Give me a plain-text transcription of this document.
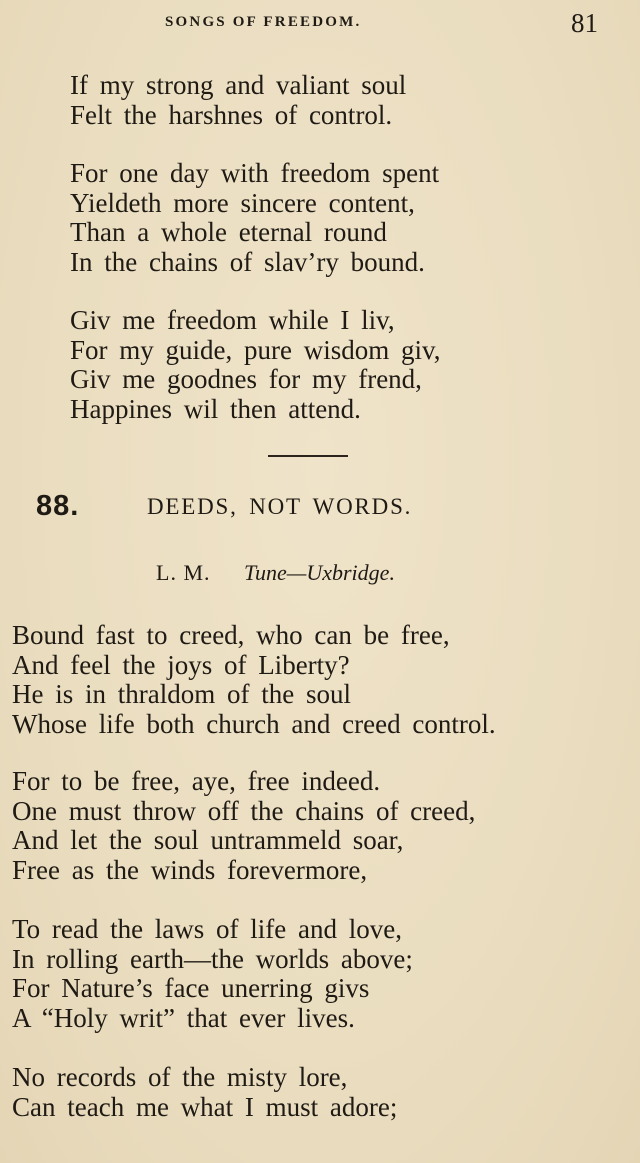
SONGS OF FREEDOM.	81

If my strong and valiant soul
Felt the harshnes of control.

For one day with freedom spent
Yieldeth more sincere content,
Than a whole eternal round
In the chains of slav’ry bound.

Giv me freedom while I liv,
For my guide, pure wisdom giv,
Giv me goodnes for my frend,
Happines wil then attend.

88.	DEEDS, NOT WORDS.
L. M. Tune—Uxbridge.

Bound fast to creed, who can be free,
And feel the joys of Liberty?
He is in thraldom of the soul
Whose life both church and creed control.

For to be free, aye, free indeed.
One must throw off the chains of creed,
And let the soul untrammeld soar,
Free as the winds forevermore,

To read the laws of life and love,
In rolling earth—the worlds above;
For Nature’s face unerring givs
A “Holy writ” that ever lives.

No records of the misty lore,
Can teach me what I must adore;
